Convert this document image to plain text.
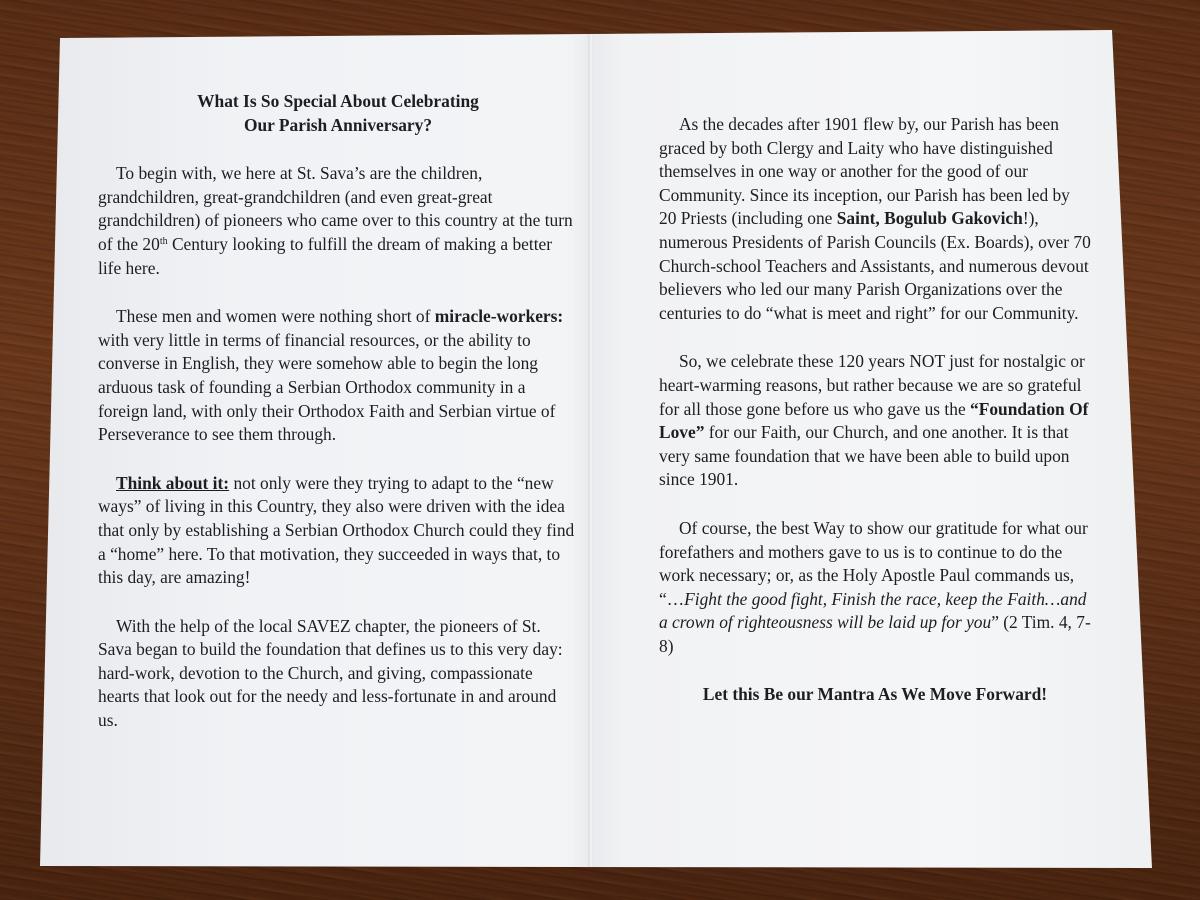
What Is So Special About Celebrating
Our Parish Anniversary?

To begin with, we here at St. Sava’s are the children, grandchildren, great-grandchildren (and even great-great grandchildren) of pioneers who came over to this country at the turn of the 20th Century looking to fulfill the dream of making a better life here.

These men and women were nothing short of miracle-workers: with very little in terms of financial resources, or the ability to converse in English, they were somehow able to begin the long arduous task of founding a Serbian Orthodox community in a foreign land, with only their Orthodox Faith and Serbian virtue of Perseverance to see them through.

Think about it: not only were they trying to adapt to the “new ways” of living in this Country, they also were driven with the idea that only by establishing a Serbian Orthodox Church could they find a “home” here. To that motivation, they succeeded in ways that, to this day, are amazing!

With the help of the local SAVEZ chapter, the pioneers of St. Sava began to build the foundation that defines us to this very day: hard-work, devotion to the Church, and giving, compassionate hearts that look out for the needy and less-fortunate in and around us.

As the decades after 1901 flew by, our Parish has been graced by both Clergy and Laity who have distinguished themselves in one way or another for the good of our Community. Since its inception, our Parish has been led by 20 Priests (including one Saint, Bogulub Gakovich!), numerous Presidents of Parish Councils (Ex. Boards), over 70 Church-school Teachers and Assistants, and numerous devout believers who led our many Parish Organizations over the centuries to do “what is meet and right” for our Community.

So, we celebrate these 120 years NOT just for nostalgic or heart-warming reasons, but rather because we are so grateful for all those gone before us who gave us the “Foundation Of Love” for our Faith, our Church, and one another. It is that very same foundation that we have been able to build upon since 1901.

Of course, the best Way to show our gratitude for what our forefathers and mothers gave to us is to continue to do the work necessary; or, as the Holy Apostle Paul commands us, “…Fight the good fight, Finish the race, keep the Faith…and a crown of righteousness will be laid up for you” (2 Tim. 4, 7-8)

Let this Be our Mantra As We Move Forward!
